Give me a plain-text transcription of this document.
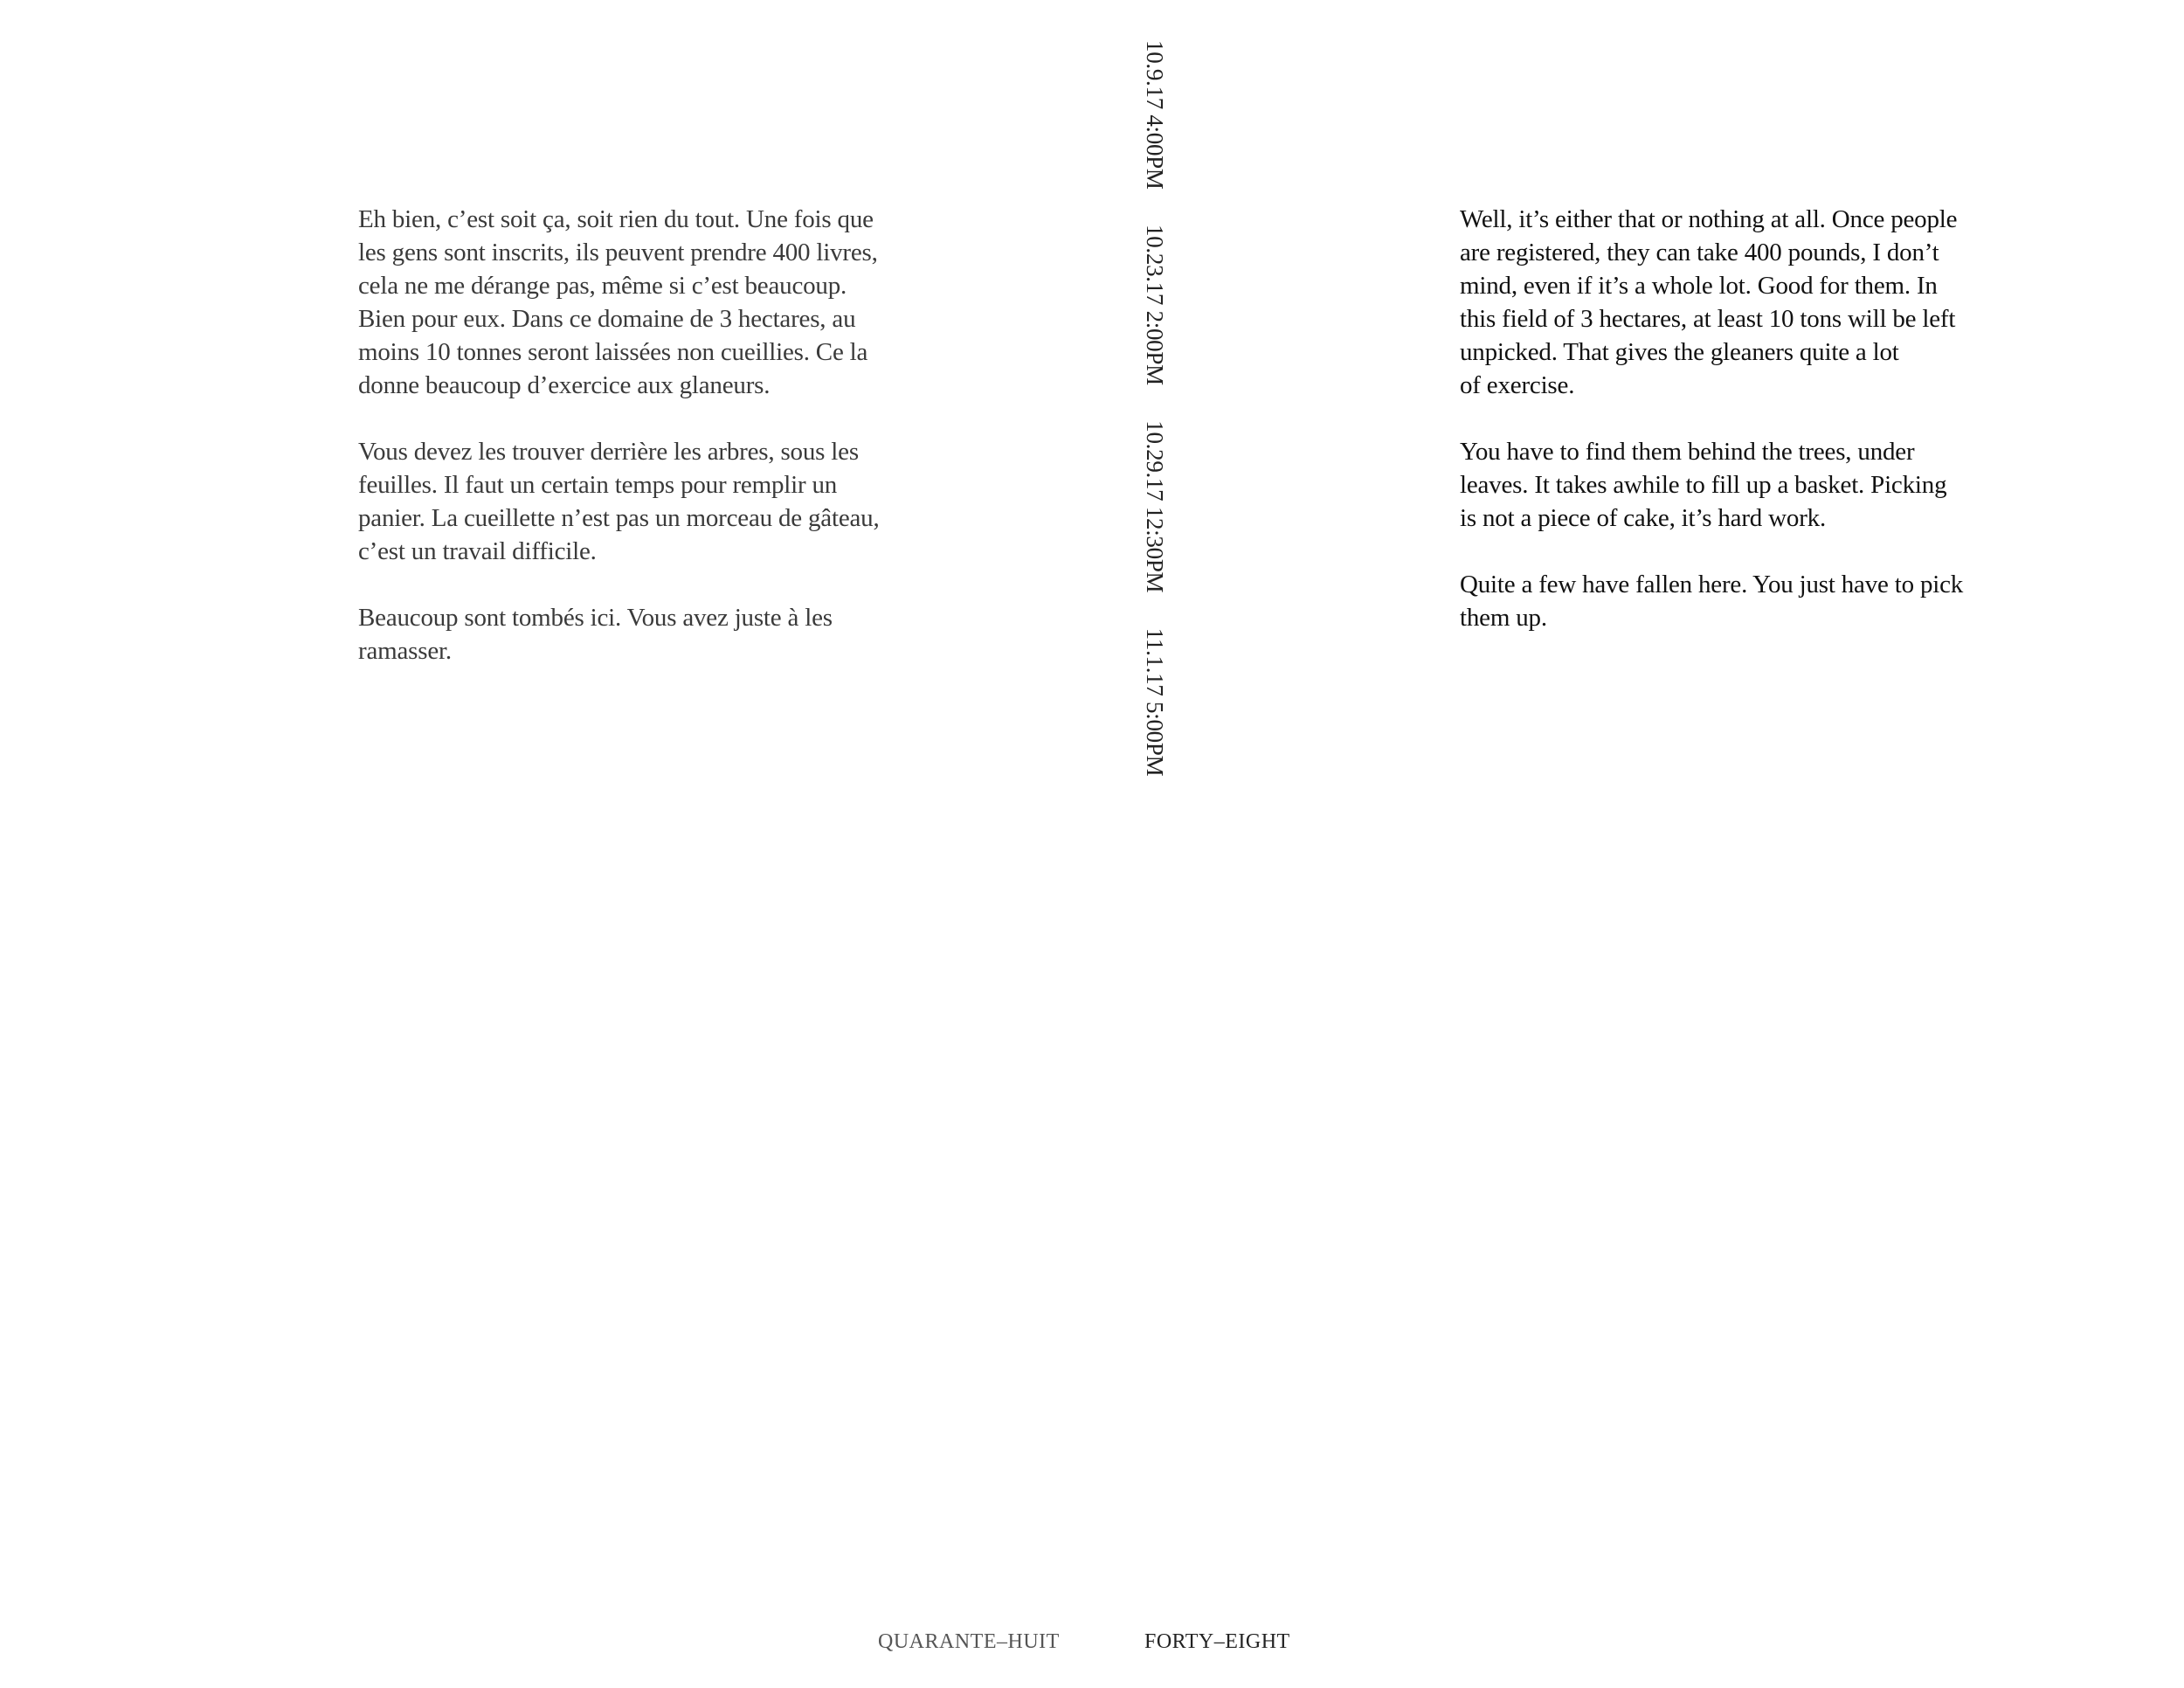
Eh bien, c’est soit ça, soit rien du tout. Une fois que
les gens sont inscrits, ils peuvent prendre 400 livres,
cela ne me dérange pas, même si c’est beaucoup.
Bien pour eux. Dans ce domaine de 3 hectares, au
moins 10 tonnes seront laissées non cueillies. Ce la
donne beaucoup d’exercice aux glaneurs.

Vous devez les trouver derrière les arbres, sous les
feuilles. Il faut un certain temps pour remplir un
panier. La cueillette n’est pas un morceau de gâteau,
c’est un travail difficile.

Beaucoup sont tombés ici. Vous avez juste à les
ramasser.

10.9.17 4:00PM 10.23.17 2:00PM 10.29.17 12:30PM 11.1.17 5:00PM

Well, it’s either that or nothing at all. Once people
are registered, they can take 400 pounds, I don’t
mind, even if it’s a whole lot. Good for them. In
this field of 3 hectares, at least 10 tons will be left
unpicked. That gives the gleaners quite a lot
of exercise.

You have to find them behind the trees, under
leaves. It takes awhile to fill up a basket. Picking
is not a piece of cake, it’s hard work.

Quite a few have fallen here. You just have to pick
them up.

QUARANTE–HUIT	FORTY–EIGHT
